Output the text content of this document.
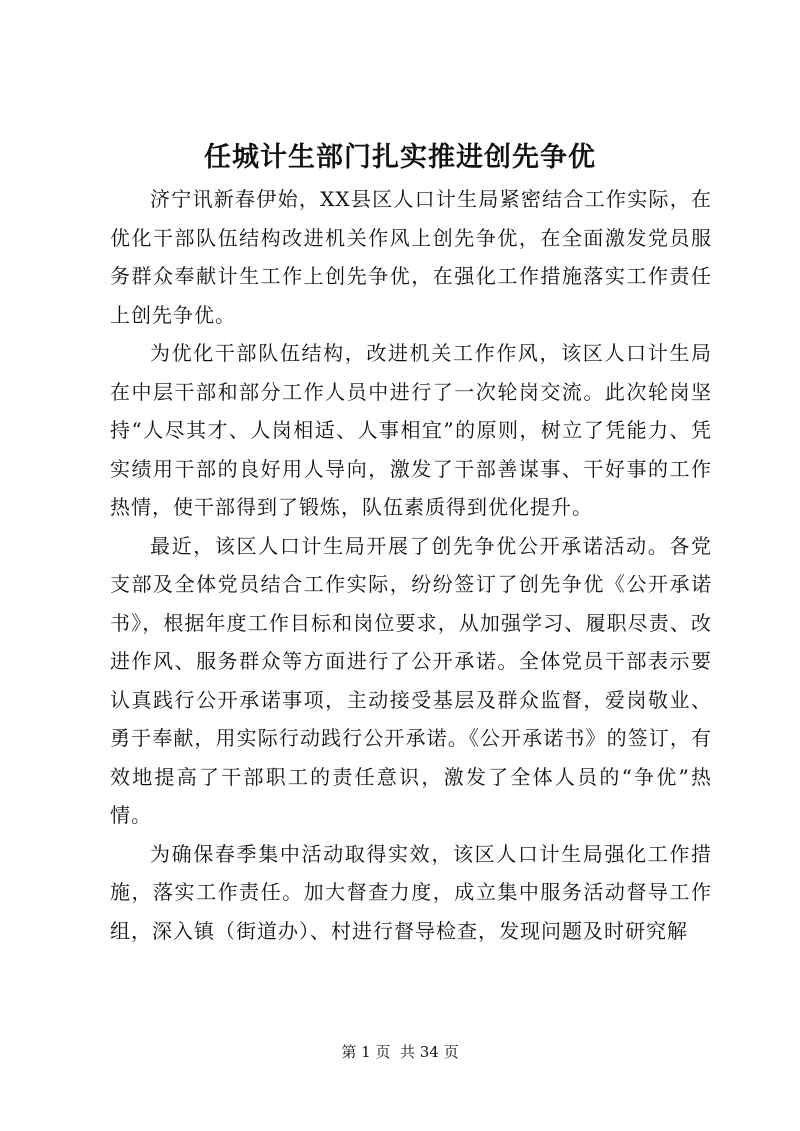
任城计生部门扎实推进创先争优

济宁讯新春伊始，XX县区人口计生局紧密结合工作实际，在优化干部队伍结构改进机关作风上创先争优，在全面激发党员服务群众奉献计生工作上创先争优，在强化工作措施落实工作责任上创先争优。

为优化干部队伍结构，改进机关工作作风，该区人口计生局在中层干部和部分工作人员中进行了一次轮岗交流。此次轮岗坚持“人尽其才、人岗相适、人事相宜”的原则，树立了凭能力、凭实绩用干部的良好用人导向，激发了干部善谋事、干好事的工作热情，使干部得到了锻炼，队伍素质得到优化提升。

最近，该区人口计生局开展了创先争优公开承诺活动。各党支部及全体党员结合工作实际，纷纷签订了创先争优《公开承诺书》，根据年度工作目标和岗位要求，从加强学习、履职尽责、改进作风、服务群众等方面进行了公开承诺。全体党员干部表示要认真践行公开承诺事项，主动接受基层及群众监督，爱岗敬业、勇于奉献，用实际行动践行公开承诺。《公开承诺书》的签订，有效地提高了干部职工的责任意识，激发了全体人员的“争优”热情。

为确保春季集中活动取得实效，该区人口计生局强化工作措施，落实工作责任。加大督查力度，成立集中服务活动督导工作组，深入镇（街道办）、村进行督导检查，发现问题及时研究解

第 1 页  共 34 页
